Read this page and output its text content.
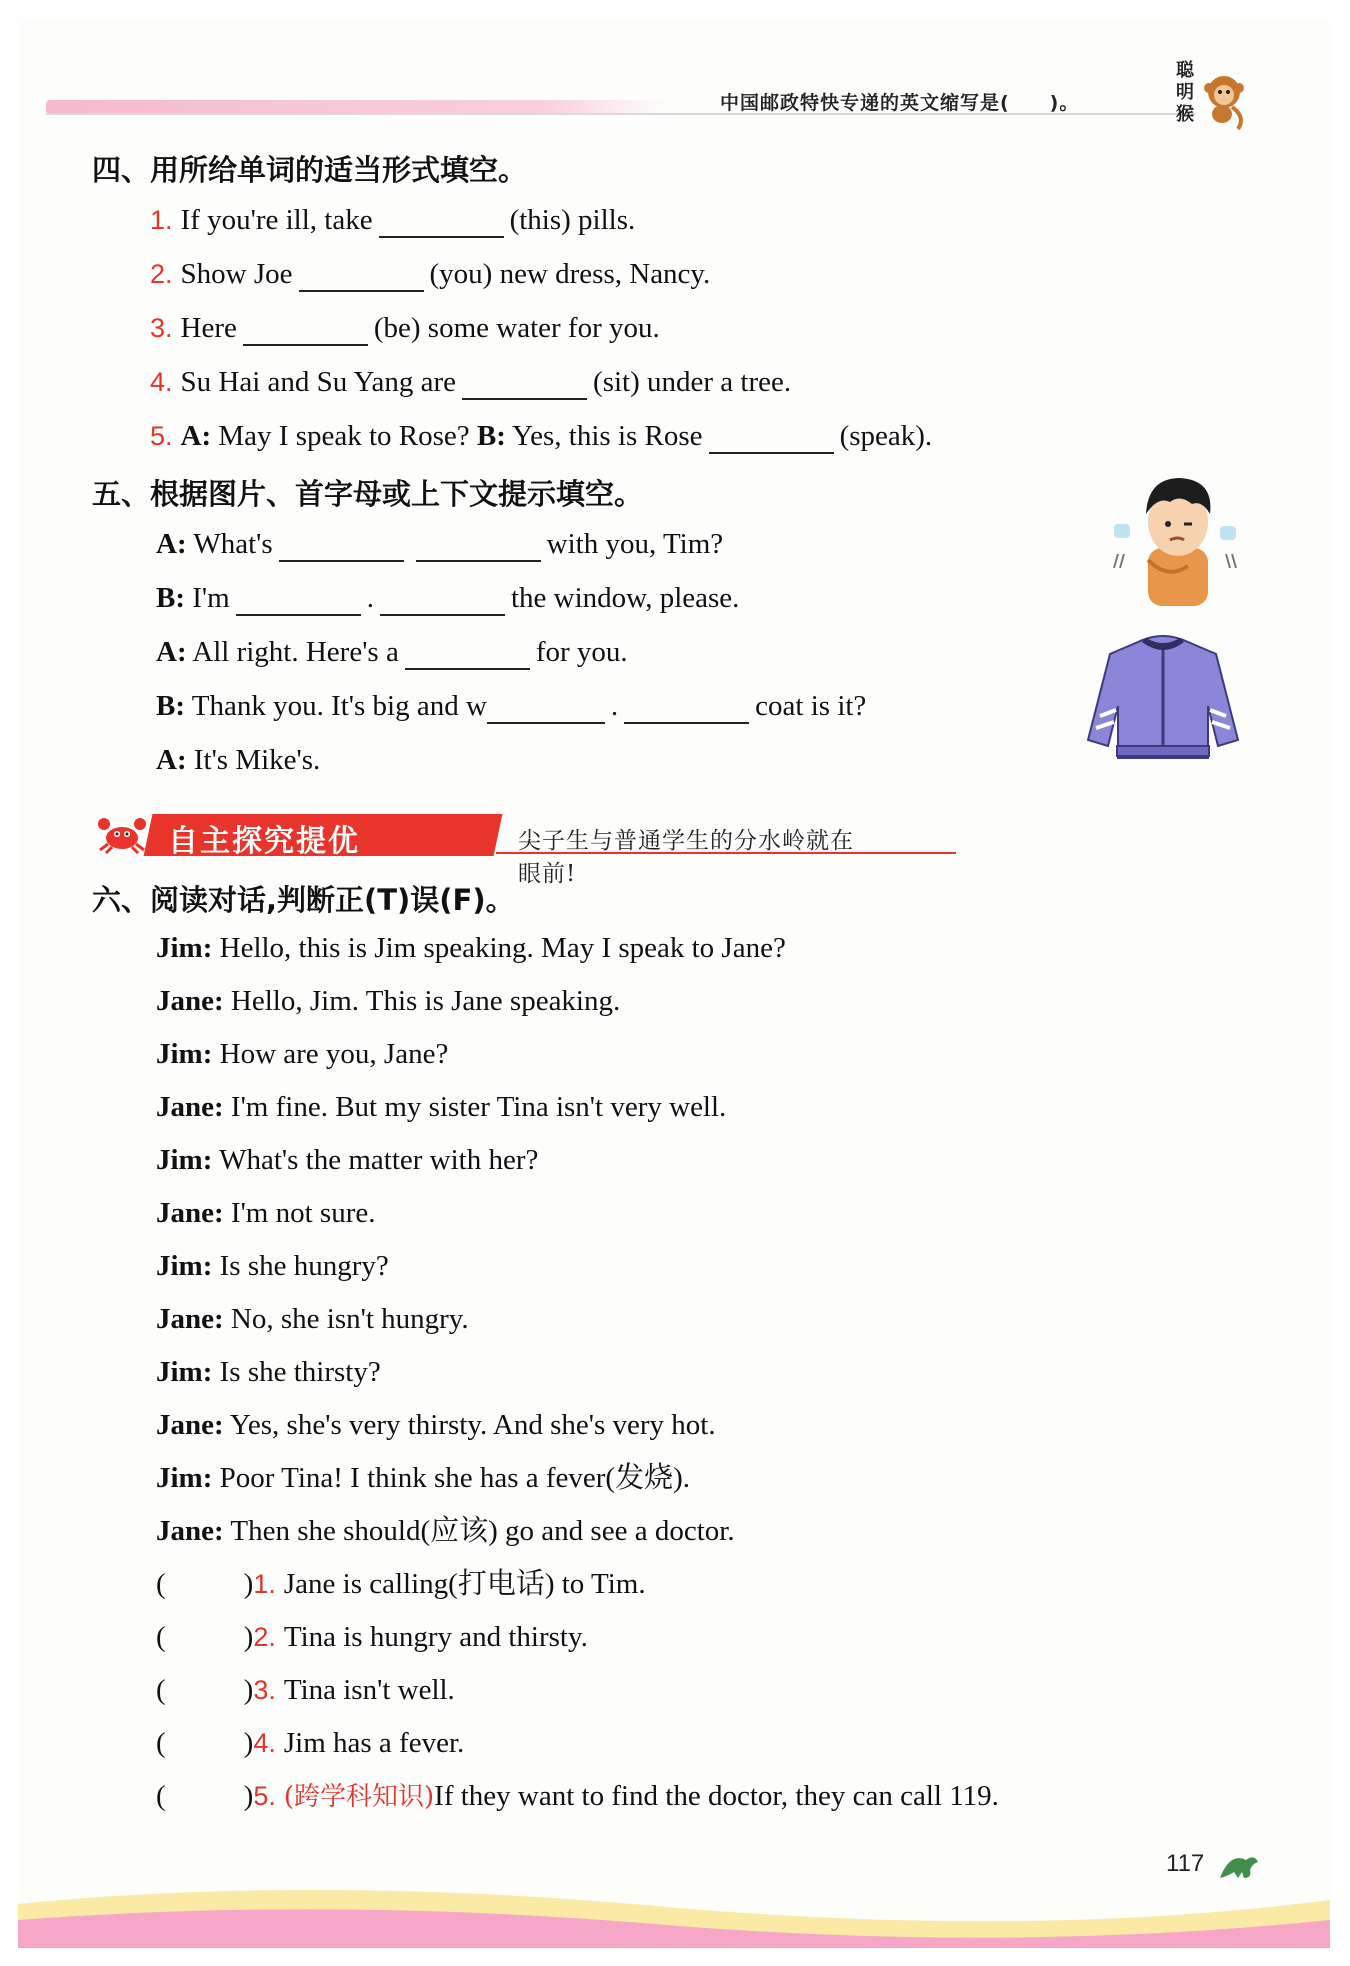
中国邮政特快专递的英文缩写是(　　)。
聪明猴
四、用所给单词的适当形式填空。
1. If you're ill, take	(this) pills.
2. Show Joe	(you) new dress, Nancy.
3. Here	(be) some water for you.
4. Su Hai and Su Yang are	(sit) under a tree.
5. A: May I speak to Rose? B: Yes, this is Rose	(speak).
五、根据图片、首字母或上下文提示填空。
A: What's	with you, Tim?
B: I'm	.	the window, please.
A: All right. Here's a	for you.
B: Thank you. It's big and w	.	coat is it?
A: It's Mike's.
自主探究提优	尖子生与普通学生的分水岭就在眼前!
六、阅读对话,判断正(T)误(F)。
Jim: Hello, this is Jim speaking. May I speak to Jane?
Jane: Hello, Jim. This is Jane speaking.
Jim: How are you, Jane?
Jane: I'm fine. But my sister Tina isn't very well.
Jim: What's the matter with her?
Jane: I'm not sure.
Jim: Is she hungry?
Jane: No, she isn't hungry.
Jim: Is she thirsty?
Jane: Yes, she's very thirsty. And she's very hot.
Jim: Poor Tina! I think she has a fever(发烧).
Jane: Then she should(应该) go and see a doctor.
(	)1. Jane is calling(打电话) to Tim.
(	)2. Tina is hungry and thirsty.
(	)3. Tina isn't well.
(	)4. Jim has a fever.
(	)5. (跨学科知识)If they want to find the doctor, they can call 119.
117
